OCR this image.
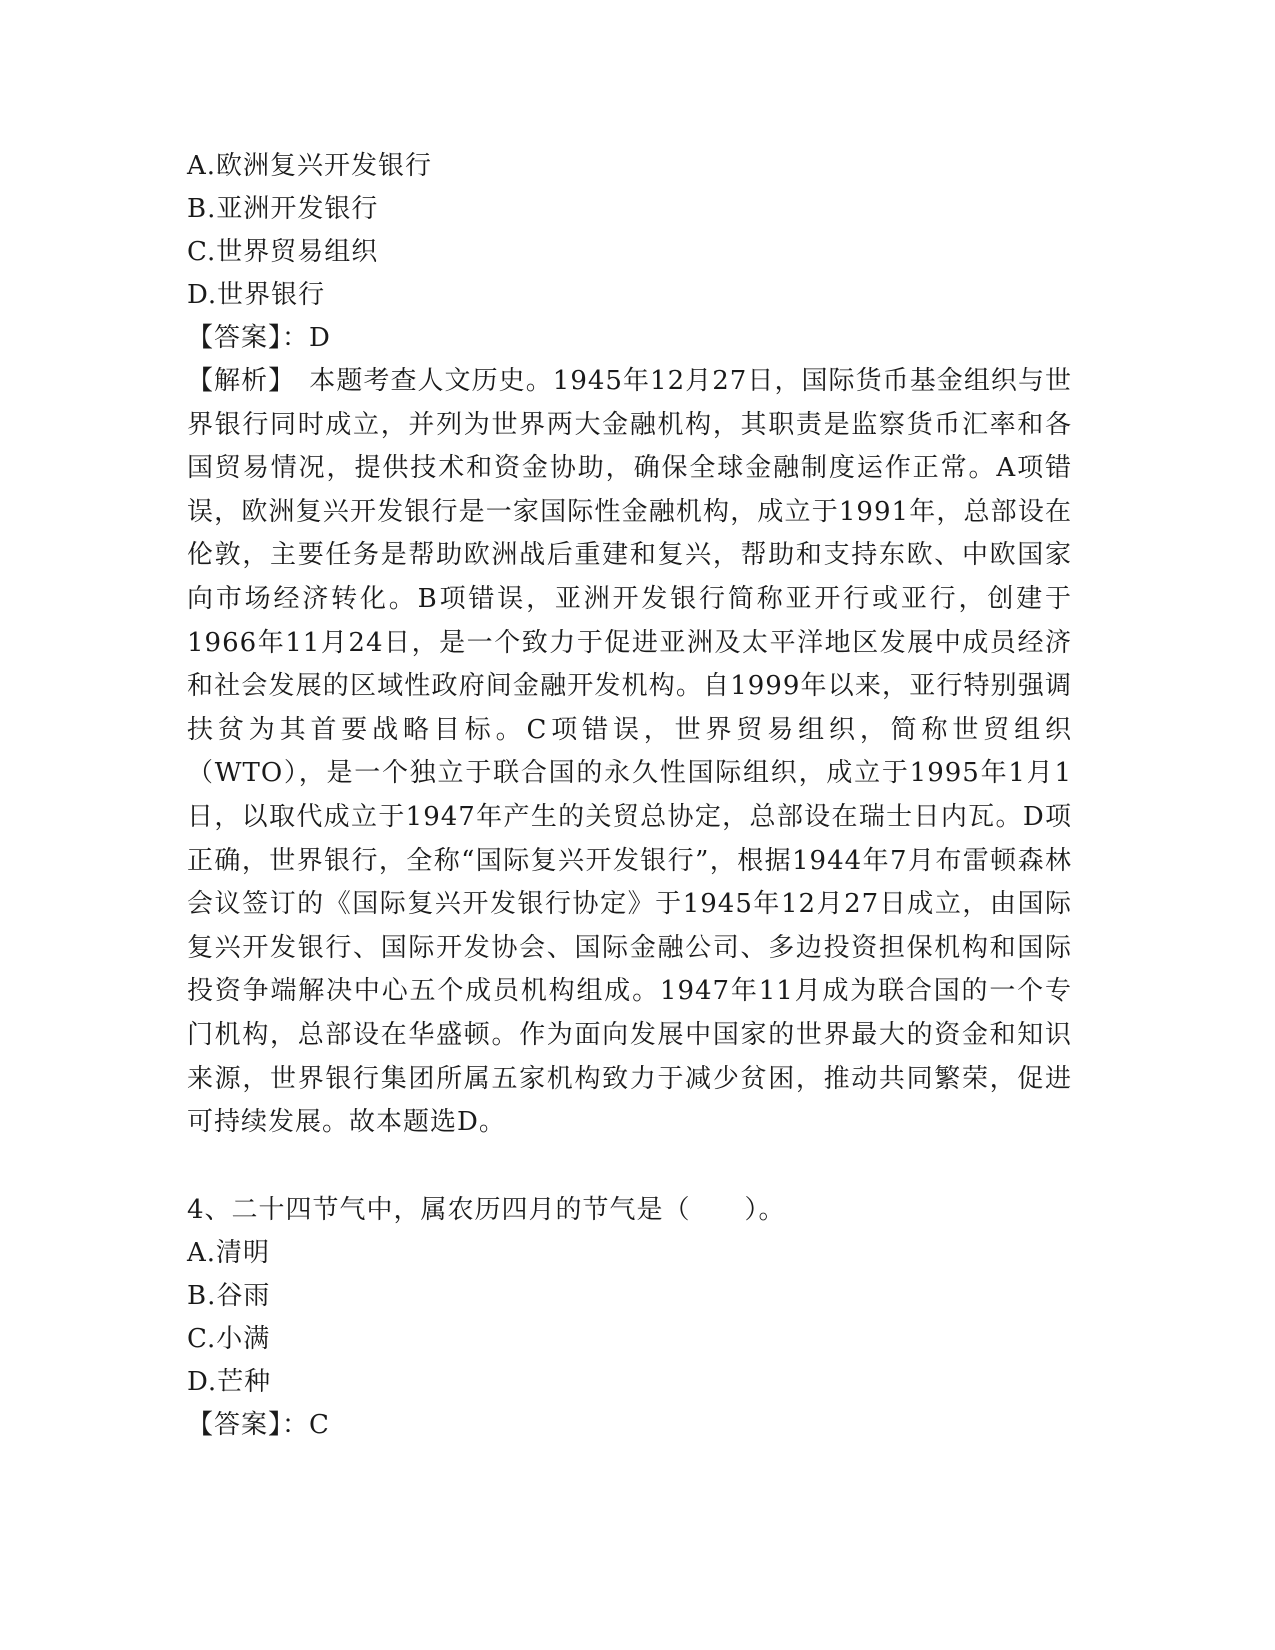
A.欧洲复兴开发银行
B.亚洲开发银行
C.世界贸易组织
D.世界银行
【答案】：D

【解析】　本题考查人文历史。1945年12月27日，国际货币基金组织与世界银行同时成立，并列为世界两大金融机构，其职责是监察货币汇率和各国贸易情况，提供技术和资金协助，确保全球金融制度运作正常。A项错误，欧洲复兴开发银行是一家国际性金融机构，成立于1991年，总部设在伦敦，主要任务是帮助欧洲战后重建和复兴，帮助和支持东欧、中欧国家向市场经济转化。B项错误，亚洲开发银行简称亚开行或亚行，创建于1966年11月24日，是一个致力于促进亚洲及太平洋地区发展中成员经济和社会发展的区域性政府间金融开发机构。自1999年以来，亚行特别强调扶贫为其首要战略目标。C项错误，世界贸易组织，简称世贸组织（WTO），是一个独立于联合国的永久性国际组织，成立于1995年1月1日，以取代成立于1947年产生的关贸总协定，总部设在瑞士日内瓦。D项正确，世界银行，全称“国际复兴开发银行”，根据1944年7月布雷顿森林会议签订的《国际复兴开发银行协定》于1945年12月27日成立，由国际复兴开发银行、国际开发协会、国际金融公司、多边投资担保机构和国际投资争端解决中心五个成员机构组成。1947年11月成为联合国的一个专门机构，总部设在华盛顿。作为面向发展中国家的世界最大的资金和知识来源，世界银行集团所属五家机构致力于减少贫困，推动共同繁荣，促进可持续发展。故本题选D。

4、二十四节气中，属农历四月的节气是（　　）。
A.清明
B.谷雨
C.小满
D.芒种
【答案】：C
